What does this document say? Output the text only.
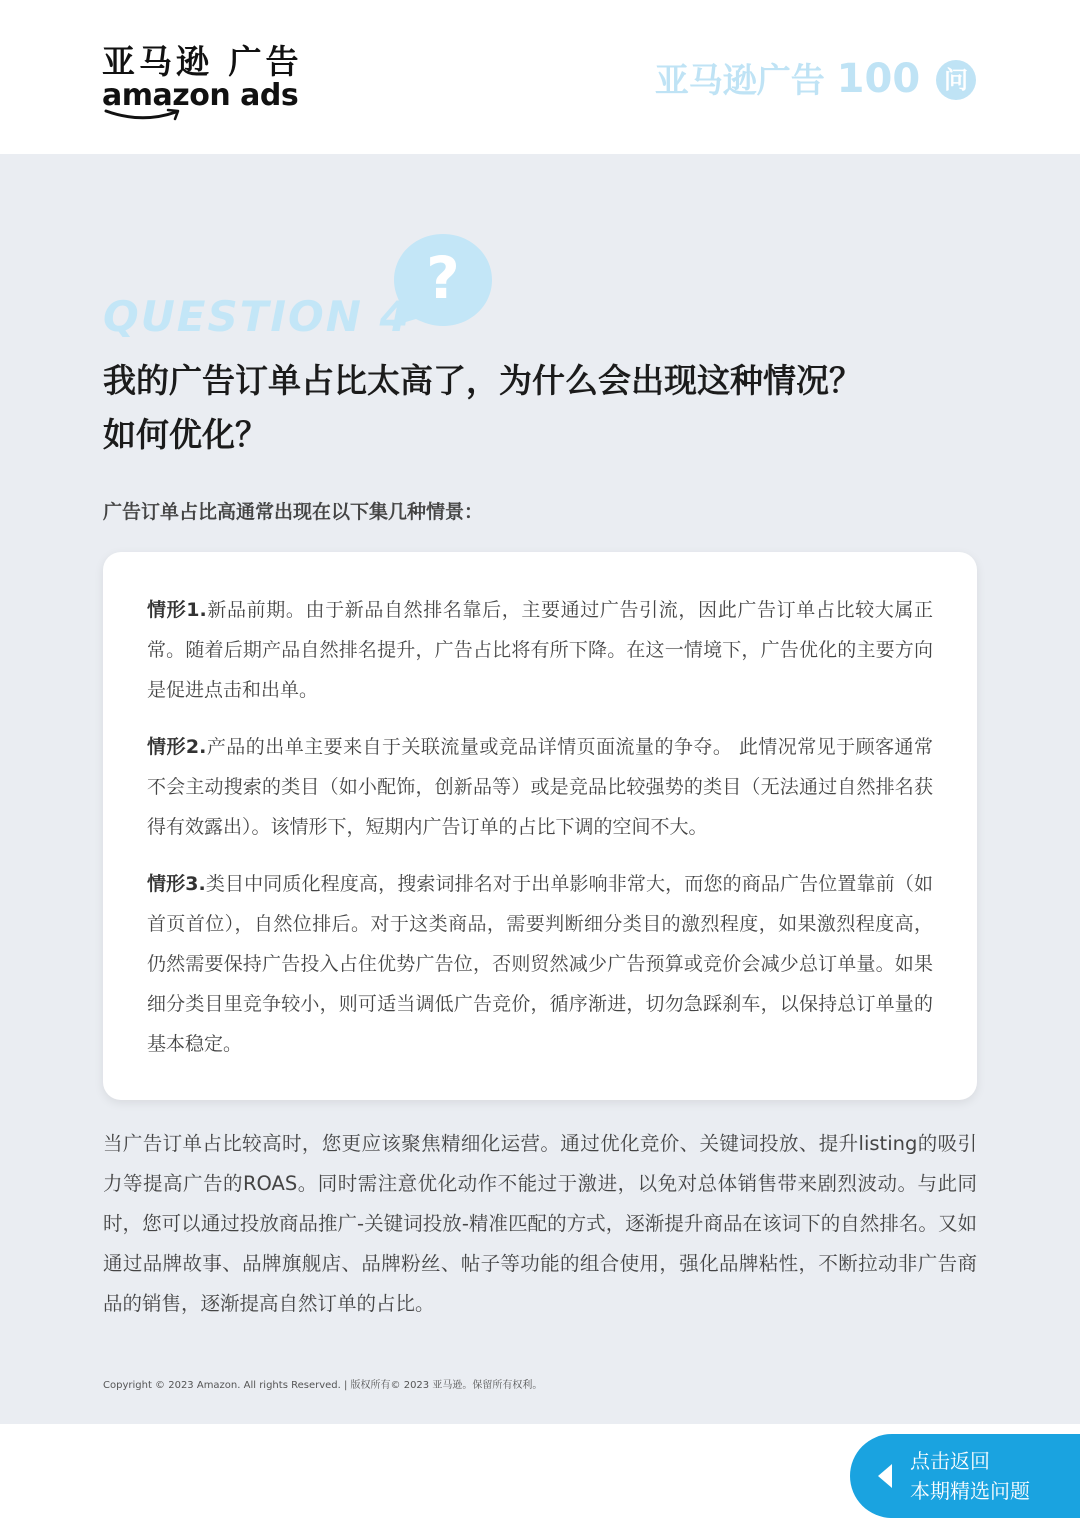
亚马逊 广告
amazon ads	亚马逊广告 100 问
?
QUESTION 4
我的广告订单占比太高了，为什么会出现这种情况？
如何优化？
广告订单占比高通常出现在以下集几种情景：

情形1.新品前期。由于新品自然排名靠后，主要通过广告引流，因此广告订单占比较大属正常。随着后期产品自然排名提升，广告占比将有所下降。在这一情境下，广告优化的主要方向是促进点击和出单。

情形2.产品的出单主要来自于关联流量或竞品详情页面流量的争夺。 此情况常见于顾客通常不会主动搜索的类目（如小配饰，创新品等）或是竞品比较强势的类目（无法通过自然排名获得有效露出）。该情形下，短期内广告订单的占比下调的空间不大。

情形3.类目中同质化程度高，搜索词排名对于出单影响非常大，而您的商品广告位置靠前（如首页首位），自然位排后。对于这类商品，需要判断细分类目的激烈程度，如果激烈程度高，仍然需要保持广告投入占住优势广告位，否则贸然减少广告预算或竞价会减少总订单量。如果细分类目里竞争较小，则可适当调低广告竞价，循序渐进，切勿急踩刹车，以保持总订单量的基本稳定。

当广告订单占比较高时，您更应该聚焦精细化运营。通过优化竞价、关键词投放、提升listing的吸引力等提高广告的ROAS。同时需注意优化动作不能过于激进，以免对总体销售带来剧烈波动。与此同时，您可以通过投放商品推广-关键词投放-精准匹配的方式，逐渐提升商品在该词下的自然排名。又如通过品牌故事、品牌旗舰店、品牌粉丝、帖子等功能的组合使用，强化品牌粘性，不断拉动非广告商品的销售，逐渐提高自然订单的占比。
Copyright © 2023 Amazon. All rights Reserved. | 版权所有© 2023 亚马逊。保留所有权利。
点击返回
本期精选问题
